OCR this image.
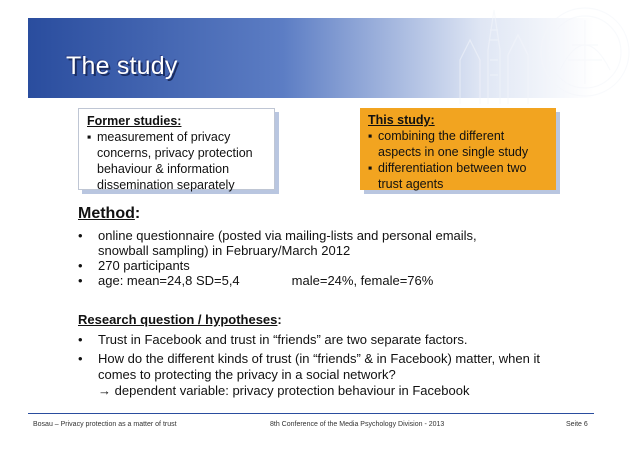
The study
Former studies:
▪ measurement of privacy
concerns, privacy protection
behaviour & information
dissemination separately
This study:
▪ combining the different
aspects in one single study
▪ differentiation between two
trust agents
Method:
• online questionnaire (posted via mailing-lists and personal emails,
snowball sampling) in February/March 2012
• 270 participants
• age: mean=24,8 SD=5,4	male=24%, female=76%
Research question / hypotheses:
• Trust in Facebook and trust in “friends” are two separate factors.
• How do the different kinds of trust (in “friends” & in Facebook) matter, when it
comes to protecting the privacy in a social network?
→ dependent variable: privacy protection behaviour in Facebook
Bosau – Privacy protection as a matter of trust	8th Conference of the Media Psychology Division - 2013	Seite 6
